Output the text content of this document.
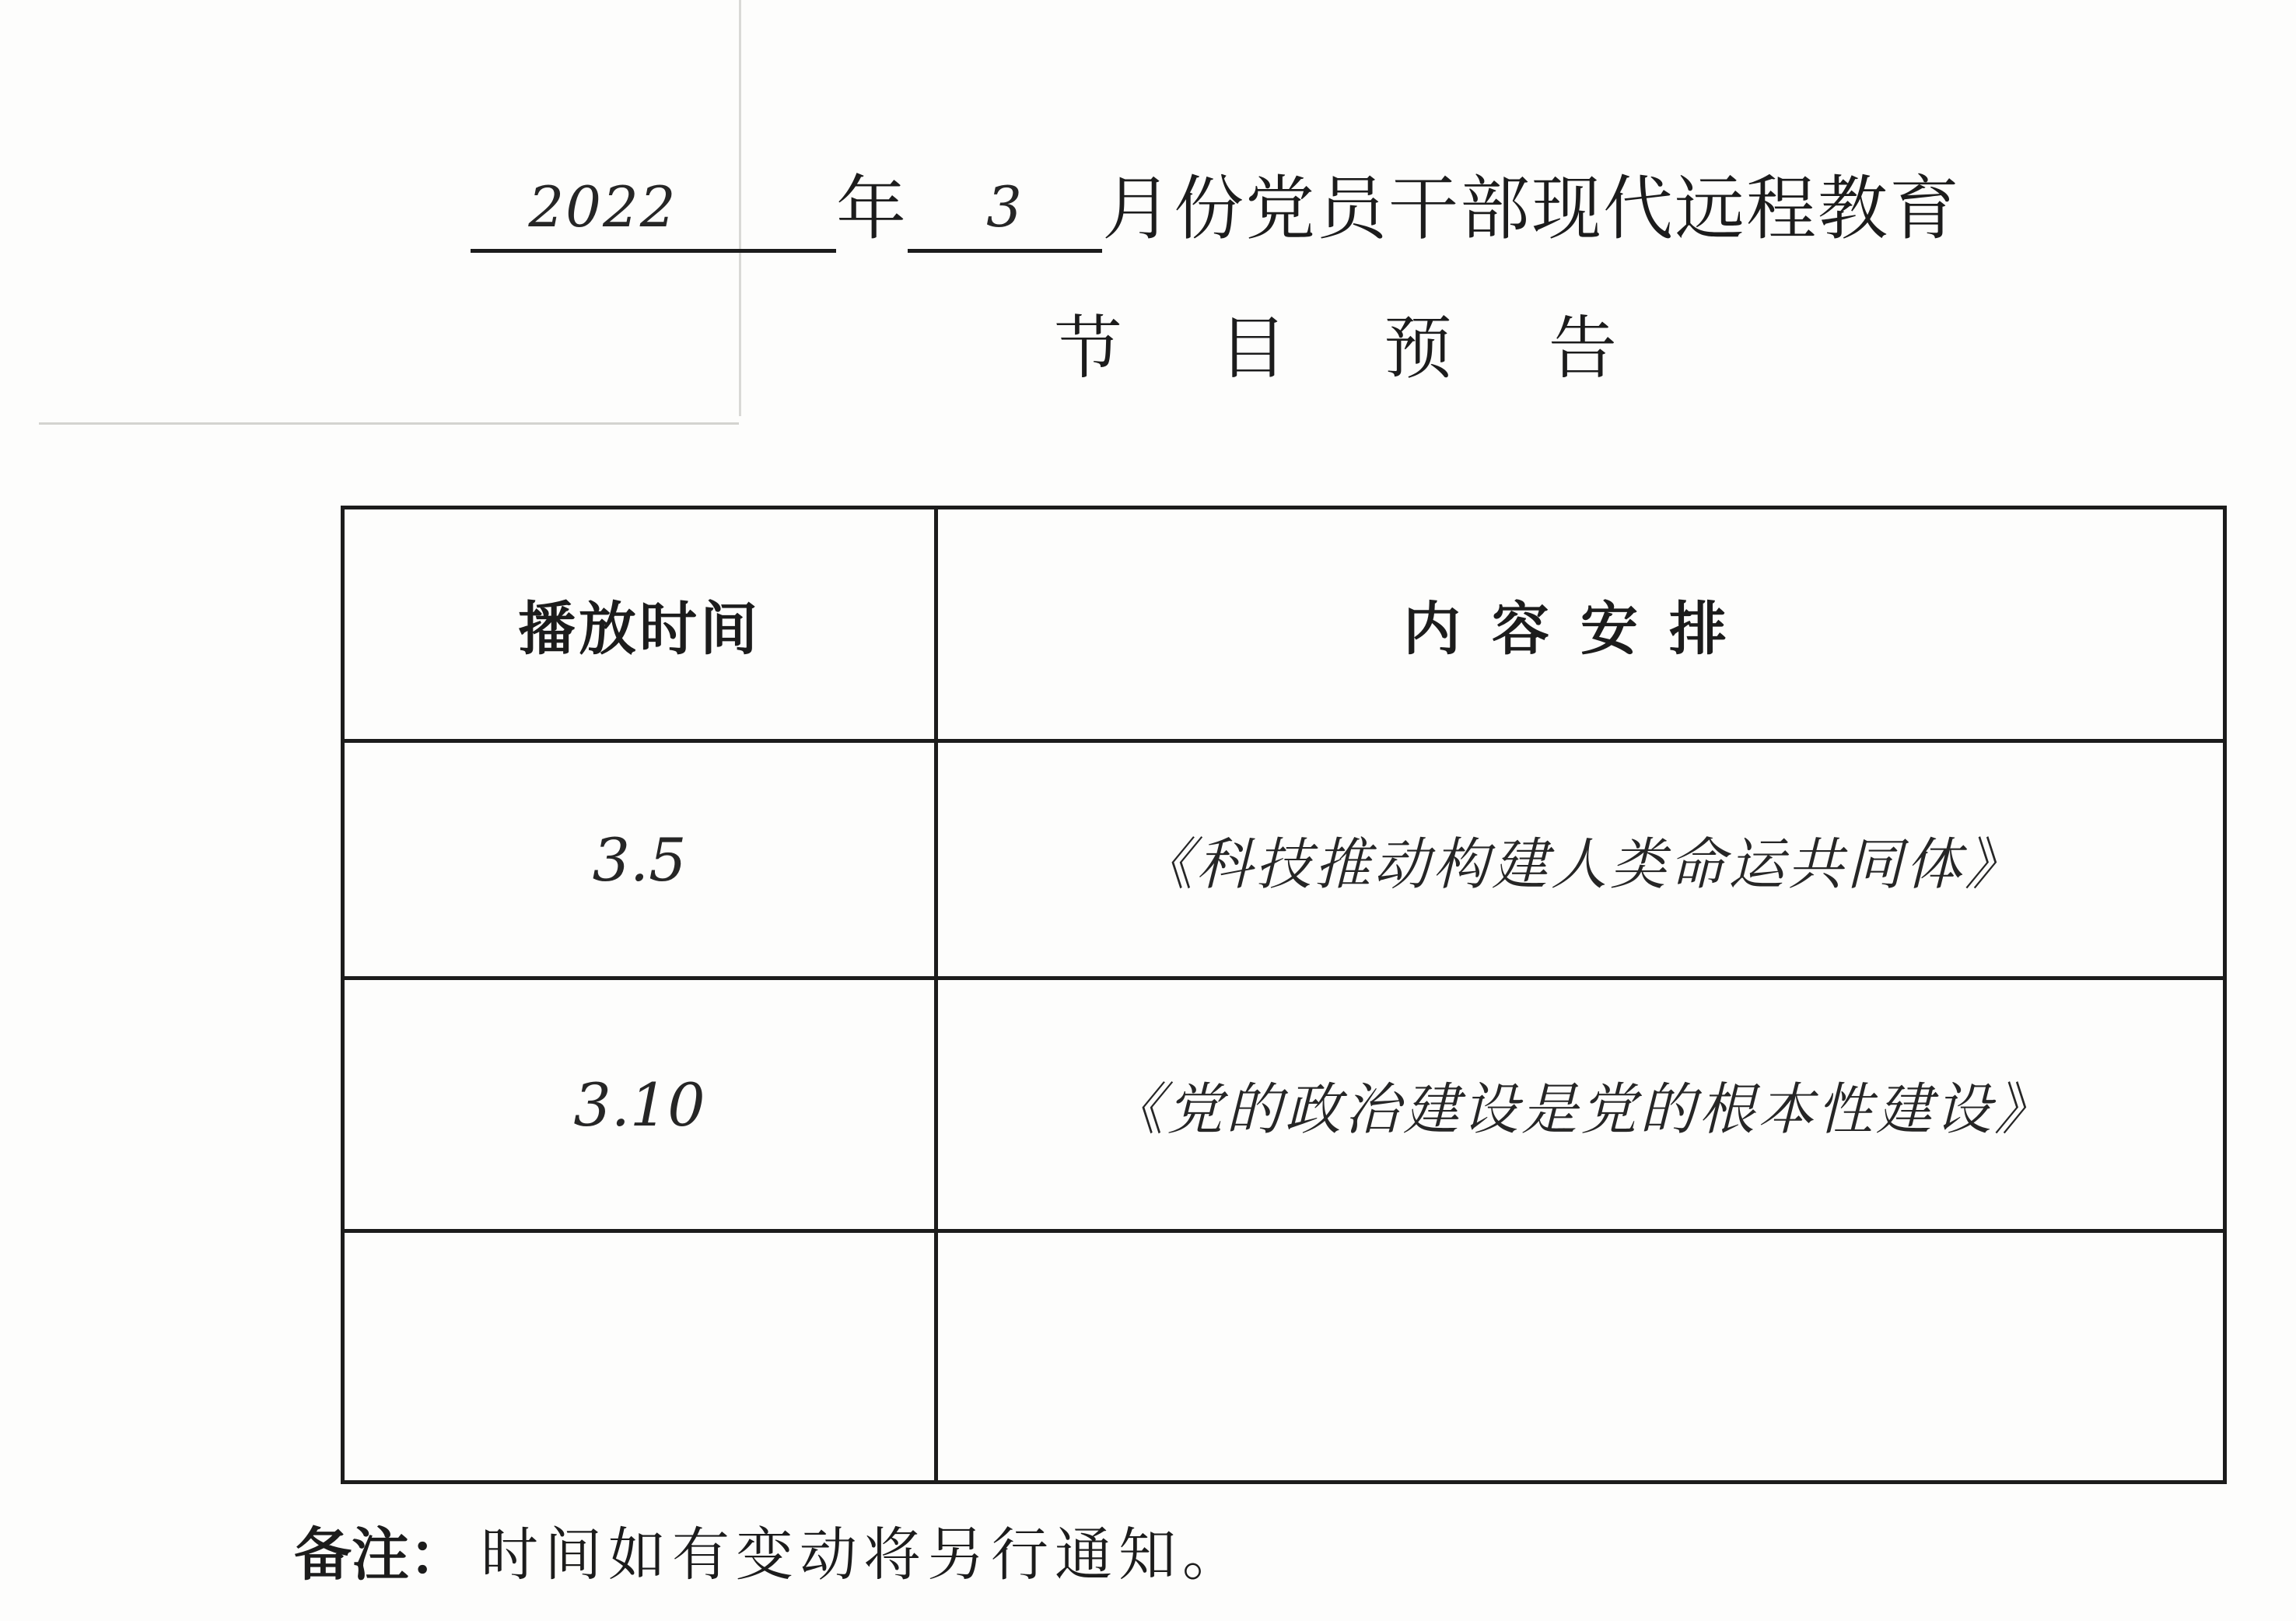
2022	年	3	月份党员干部现代远程教育
节 目 预 告
播放时间	内容安排
3.5	《科技推动构建人类命运共同体》
3.10	《党的政治建设是党的根本性建设》

备注： 时间如有变动将另行通知。
